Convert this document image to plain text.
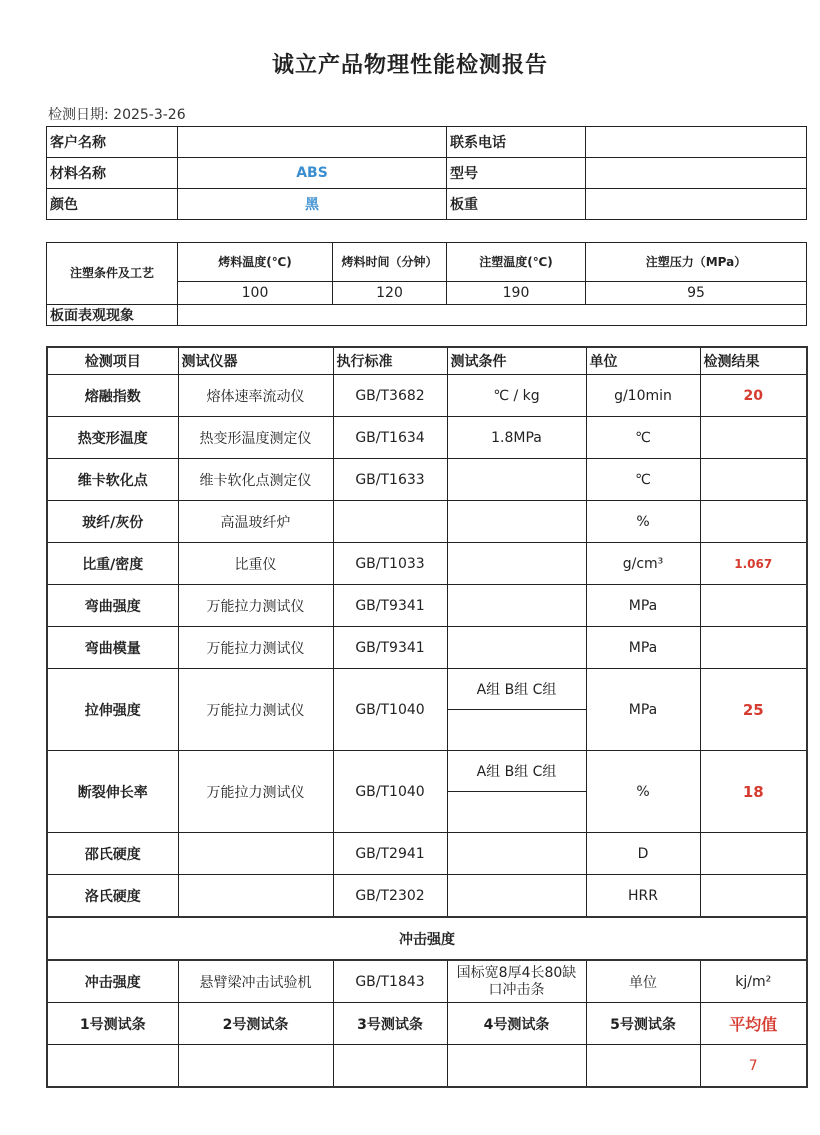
诚立产品物理性能检测报告
检测日期: 2025-3-26
客户名称		联系电话	
材料名称	ABS	型号	
颜色	黑	板重	
注塑条件及工艺	烤料温度(℃)	烤料时间（分钟）	注塑温度(℃)	注塑压力（MPa）
	100	120	190	95
板面表观现象				
检测项目	测试仪器	执行标准	测试条件	单位	检测结果
熔融指数	熔体速率流动仪	GB/T3682	℃ / kg	g/10min	20
热变形温度	热变形温度测定仪	GB/T1634	1.8MPa	℃	
维卡软化点	维卡软化点测定仪	GB/T1633		℃	
玻纤/灰份	高温玻纤炉			%	
比重/密度	比重仪	GB/T1033		g/cm³	1.067
弯曲强度	万能拉力测试仪	GB/T9341		MPa	
弯曲模量	万能拉力测试仪	GB/T9341		MPa	
拉伸强度	万能拉力测试仪	GB/T1040	A组 B组 C组	MPa	25

断裂伸长率	万能拉力测试仪	GB/T1040	A组 B组 C组	%	18

邵氏硬度		GB/T2941		D	
洛氏硬度		GB/T2302		HRR	
冲击强度					
冲击强度	悬臂梁冲击试验机	GB/T1843	国标宽8厚4长80缺口冲击条	单位	kj/m²
1号测试条	2号测试条	3号测试条	4号测试条	5号测试条	平均值
					7
